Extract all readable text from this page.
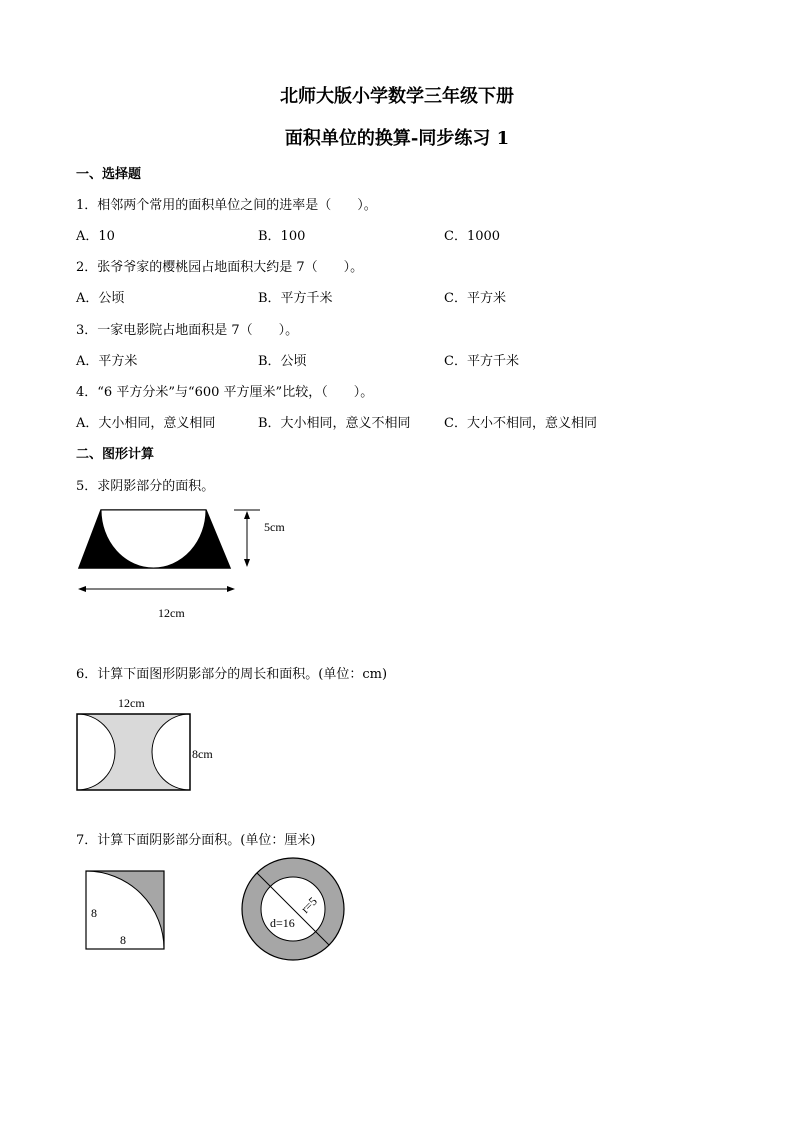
北师大版小学数学三年级下册
面积单位的换算-同步练习 1
一、选择题
1．相邻两个常用的面积单位之间的进率是（　　）。
A．10	B．100	C．1000
2．张爷爷家的樱桃园占地面积大约是 7（　　）。
A．公顷	B．平方千米	C．平方米
3．一家电影院占地面积是 7（　　）。
A．平方米	B．公顷	C．平方千米
4．“6 平方分米”与“600 平方厘米”比较，（　　）。
A．大小相同，意义相同	B．大小相同，意义不相同	C．大小不相同，意义相同
二、图形计算
5．求阴影部分的面积。
5cm
12cm
6．计算下面图形阴影部分的周长和面积。(单位：cm)
12cm
8cm
7．计算下面阴影部分面积。(单位：厘米)
8
8
r=5
d=16
